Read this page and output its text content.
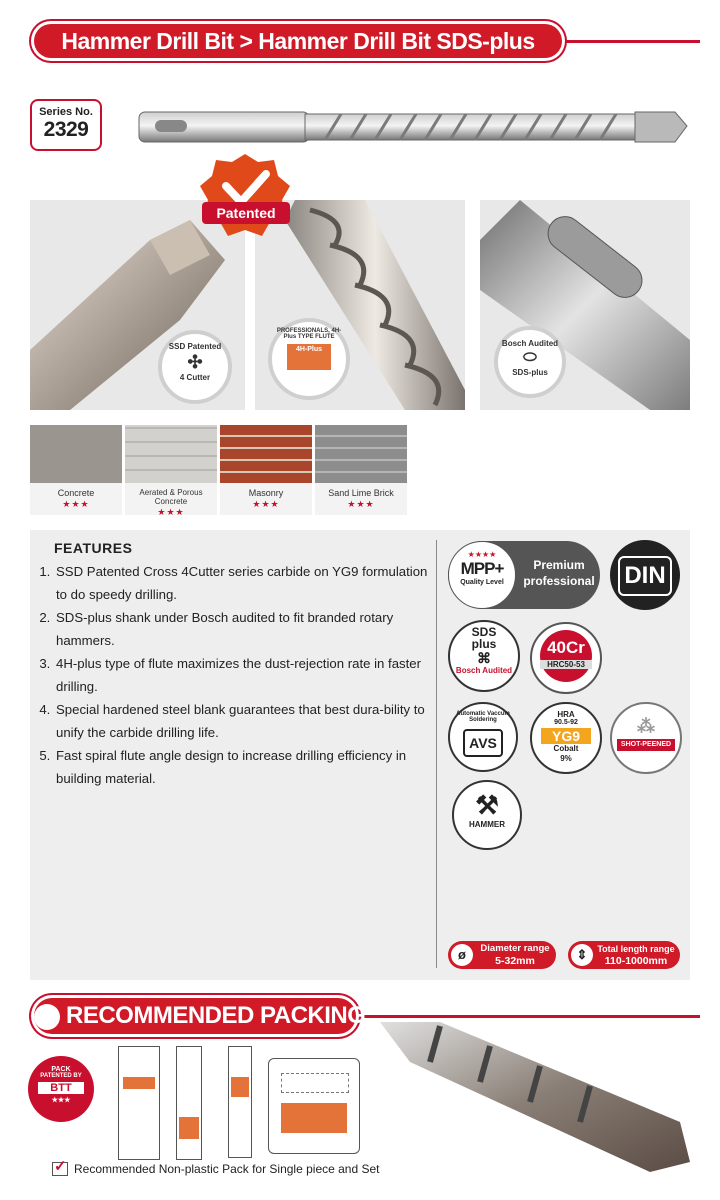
Hammer Drill Bit > Hammer Drill Bit SDS-plus
Series No.
2329
SSD Patented
✣
4 Cutter
PROFESSIONALS, 4H-Plus TYPE FLUTE
4H-Plus
Patented
Bosch Audited
⬭
SDS-plus
Concrete
★★★
Aerated & Porous Concrete
★★★
Masonry
★★★
Sand Lime Brick
★★★
FEATURES
1. SSD Patented Cross 4Cutter series carbide on YG9 formulation to do speedy drilling.
2. SDS-plus shank under Bosch audited to fit branded rotary hammers.
3. 4H-plus type of flute maximizes the dust-rejection rate in faster drilling.
4. Special hardened steel blank guarantees that best dura-bility to unify the carbide drilling life.
5. Fast spiral flute angle design to increase drilling efficiency in building material.
★★★★
MPP+
Quality Level
Premium professional DIN
SDS
plus
⌘
Bosch Audited
40Cr
HRC50-53
Automatic Vaccum Soldering
AVS
HRA
90.5-92
YG9
Cobalt
9%
⁂
SHOT-PEENED
⚒
HAMMER
ø	Diameter range
5-32mm	⇕	Total length range
110-1000mm
RECOMMENDED PACKING
PACK
PATENTED BY
BTT
★★★
✓ Recommended Non-plastic Pack for Single piece and Set
